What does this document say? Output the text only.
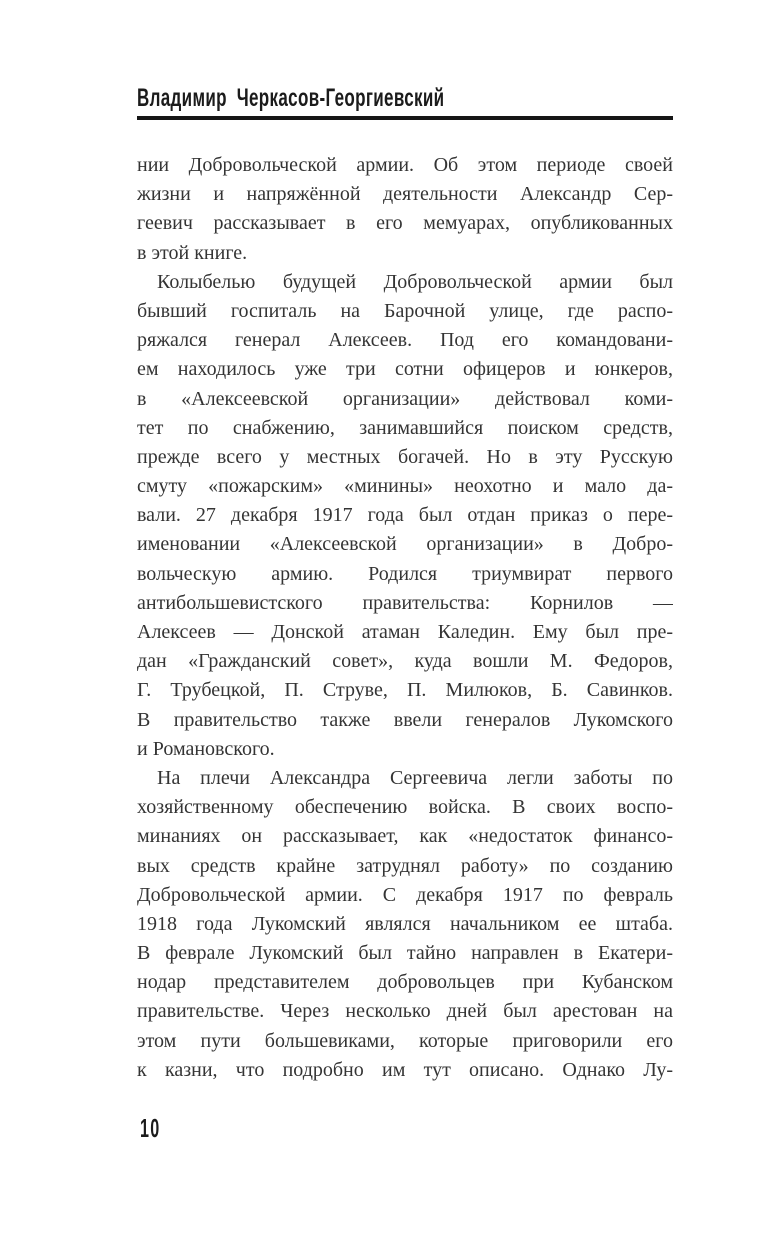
Владимир Черкасов-Георгиевский
нии Добровольческой армии. Об этом периоде своей
жизни и напряжённой деятельности Александр Сер-
геевич рассказывает в его мемуарах, опубликованных
в этой книге.
Колыбелью будущей Добровольческой армии был
бывший госпиталь на Барочной улице, где распо-
ряжался генерал Алексеев. Под его командовани-
ем находилось уже три сотни офицеров и юнкеров,
в «Алексеевской организации» действовал коми-
тет по снабжению, занимавшийся поиском средств,
прежде всего у местных богачей. Но в эту Русскую
смуту «пожарским» «минины» неохотно и мало да-
вали. 27 декабря 1917 года был отдан приказ о пере-
именовании «Алексеевской организации» в Добро-
вольческую армию. Родился триумвират первого
антибольшевистского правительства: Корнилов —
Алексеев — Донской атаман Каледин. Ему был пре-
дан «Гражданский совет», куда вошли М. Федоров,
Г. Трубецкой, П. Струве, П. Милюков, Б. Савинков.
В правительство также ввели генералов Лукомского
и Романовского.
На плечи Александра Сергеевича легли заботы по
хозяйственному обеспечению войска. В своих воспо-
минаниях он рассказывает, как «недостаток финансо-
вых средств крайне затруднял работу» по созданию
Добровольческой армии. С декабря 1917 по февраль
1918 года Лукомский являлся начальником ее штаба.
В феврале Лукомский был тайно направлен в Екатери-
нодар представителем добровольцев при Кубанском
правительстве. Через несколько дней был арестован на
этом пути большевиками, которые приговорили его
к казни, что подробно им тут описано. Однако Лу-
10
